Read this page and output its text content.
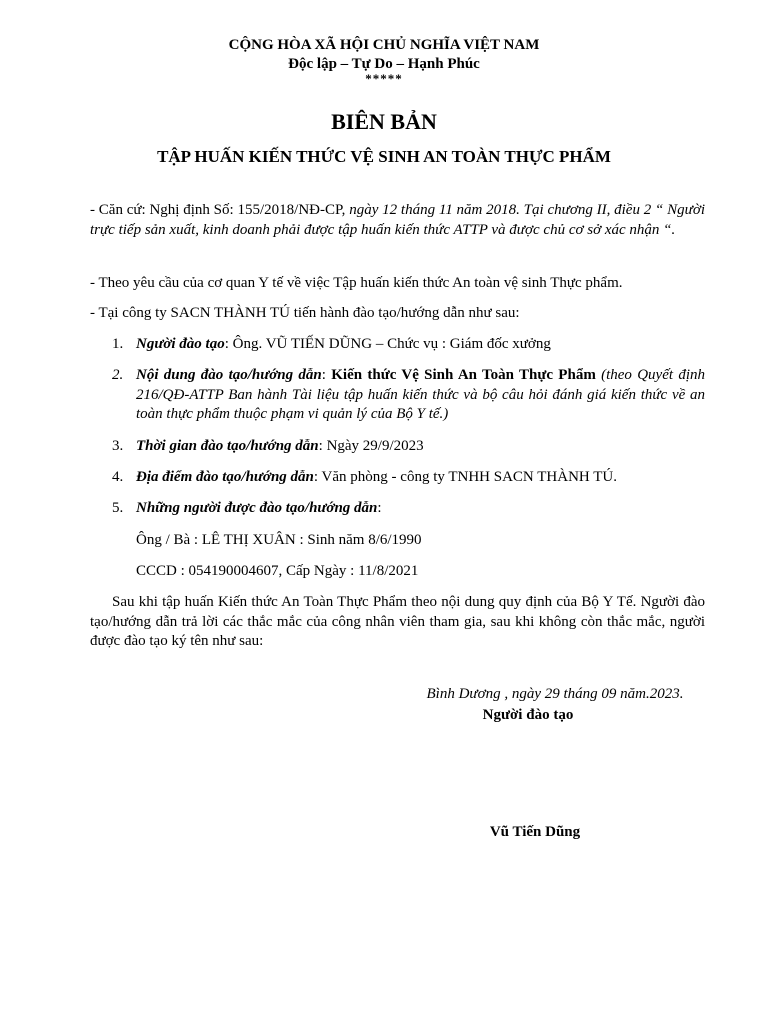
CỘNG HÒA XÃ HỘI CHỦ NGHĨA VIỆT NAM
Độc lập – Tự Do – Hạnh Phúc
*****
BIÊN BẢN
TẬP HUẤN KIẾN THỨC VỆ SINH AN TOÀN THỰC PHẨM
- Căn cứ: Nghị định Số: 155/2018/NĐ-CP, ngày 12 tháng 11 năm 2018. Tại chương II, điều 2 “ Người trực tiếp sản xuất, kinh doanh phải được tập huấn kiến thức ATTP và được chủ cơ sở xác nhận “.
- Theo yêu cầu của cơ quan Y tế về việc Tập huấn kiến thức An toàn vệ sinh Thực phẩm.
- Tại công ty SACN THÀNH TÚ tiến hành đào tạo/hướng dẫn như sau:
1. Người đào tạo: Ông. VŨ TIẾN DŨNG – Chức vụ : Giám đốc xưởng
2. Nội dung đào tạo/hướng dẫn: Kiến thức Vệ Sinh An Toàn Thực Phẩm (theo Quyết định 216/QĐ-ATTP Ban hành Tài liệu tập huấn kiến thức và bộ câu hỏi đánh giá kiến thức về an toàn thực phẩm thuộc phạm vi quản lý của Bộ Y tế.)
3. Thời gian đào tạo/hướng dẫn: Ngày 29/9/2023
4. Địa điểm đào tạo/hướng dẫn: Văn phòng - công ty TNHH SACN THÀNH TÚ.
5. Những người được đào tạo/hướng dẫn:
Ông / Bà : LÊ THỊ XUÂN : Sinh năm 8/6/1990
CCCD : 054190004607, Cấp Ngày : 11/8/2021
Sau khi tập huấn Kiến thức An Toàn Thực Phẩm theo nội dung quy định của Bộ Y Tế. Người đào tạo/hướng dẫn trả lời các thắc mắc của công nhân viên tham gia, sau khi không còn thắc mắc, người được đào tạo ký tên như sau:
Bình Dương , ngày 29 tháng 09 năm.2023.
Người đào tạo
Vũ Tiến Dũng
